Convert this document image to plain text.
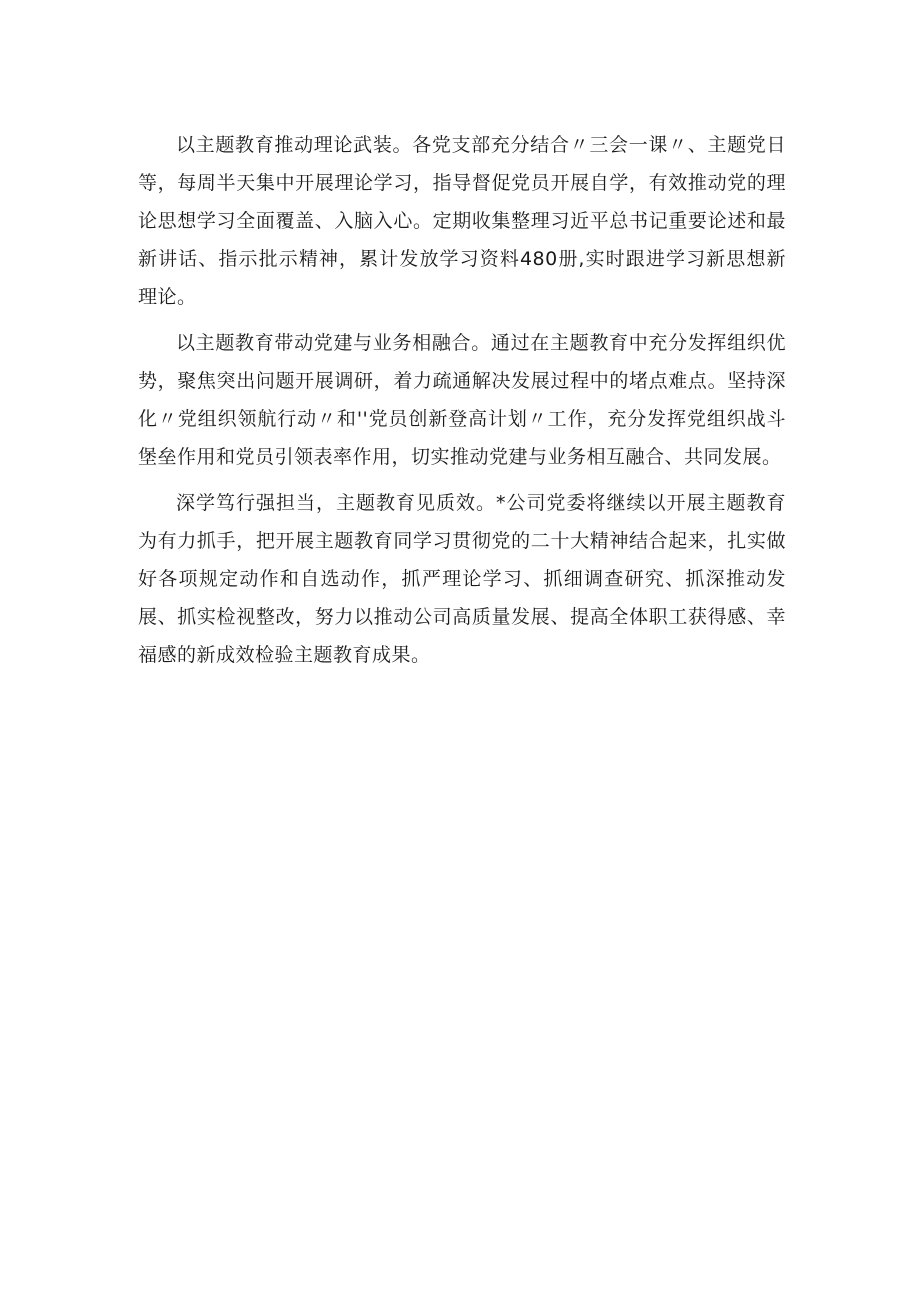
以主题教育推动理论武装。各党支部充分结合〃三会一课〃、主题党日等，每周半天集中开展理论学习，指导督促党员开展自学，有效推动党的理论思想学习全面覆盖、入脑入心。定期收集整理习近平总书记重要论述和最新讲话、指示批示精神，累计发放学习资料480册,实时跟进学习新思想新理论。

以主题教育带动党建与业务相融合。通过在主题教育中充分发挥组织优势，聚焦突出问题开展调研，着力疏通解决发展过程中的堵点难点。坚持深化〃党组织领航行动〃和''党员创新登高计划〃工作，充分发挥党组织战斗堡垒作用和党员引领表率作用，切实推动党建与业务相互融合、共同发展。

深学笃行强担当，主题教育见质效。*公司党委将继续以开展主题教育为有力抓手，把开展主题教育同学习贯彻党的二十大精神结合起来，扎实做好各项规定动作和自选动作，抓严理论学习、抓细调查研究、抓深推动发展、抓实检视整改，努力以推动公司高质量发展、提高全体职工获得感、幸福感的新成效检验主题教育成果。
